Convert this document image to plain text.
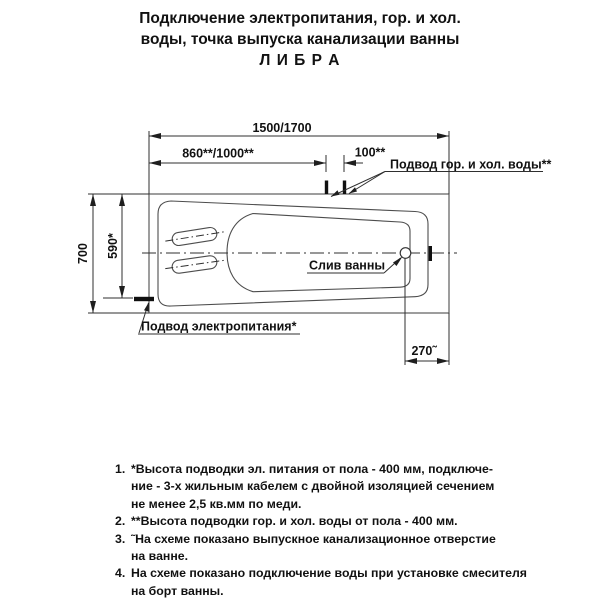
Подключение электропитания, гор. и хол.
воды, точка выпуска канализации ванны
Л И Б Р А
1500/1700
860**/1000**	100**
700 590*
270˜
Подвод гор. и хол. воды**
Слив ванны
Подвод электропитания*
1. *Высота подводки эл. питания от пола - 400 мм, подключе-
ние - 3-х жильным кабелем с двойной изоляцией сечением
не менее 2,5 кв.мм по меди.
2. **Высота подводки гор. и хол. воды от пола - 400 мм.
3. ˜На схеме показано выпускное канализационное отверстие
на ванне.
4. На схеме показано подключение воды при установке смесителя
на борт ванны.
